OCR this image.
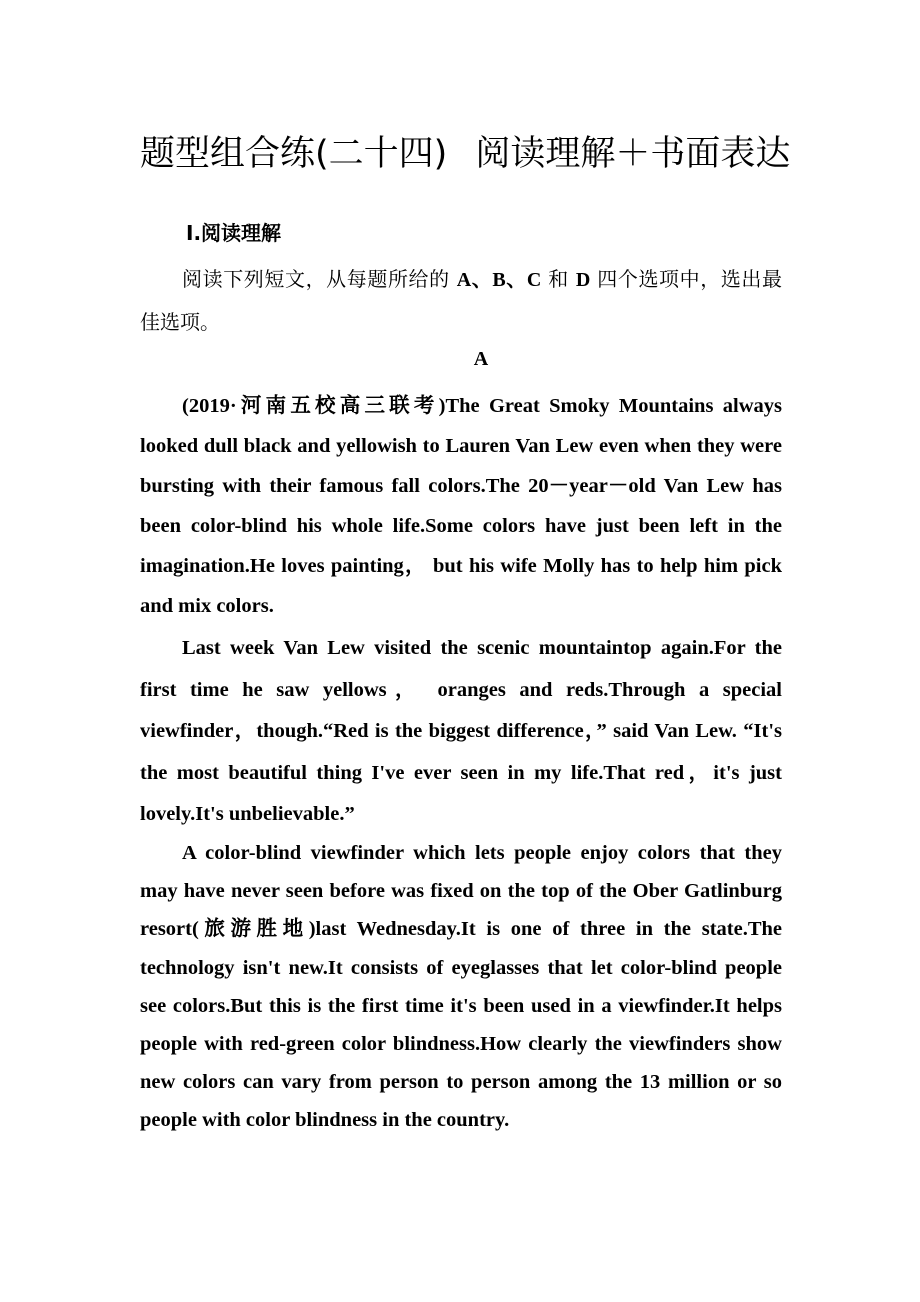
题型组合练(二十四) 阅读理解＋书面表达
Ⅰ.阅读理解
阅读下列短文，从每题所给的 A、B、C 和 D 四个选项中，选出最佳选项。
A

(2019·河南五校高三联考)The Great Smoky Mountains always looked dull black and yellowish to Lauren Van Lew even when they were bursting with their famous fall colors.The 20－year－old Van Lew has been color-blind his whole life.Some colors have just been left in the imagination.He loves painting， but his wife Molly has to help him pick and mix colors.

Last week Van Lew visited the scenic mountaintop again.For the first time he saw yellows， oranges and reds.Through a special viewfinder，though.“Red is the biggest difference，” said Van Lew. “It's the most beautiful thing I've ever seen in my life.That red，it's just lovely.It's unbelievable.”

A color-blind viewfinder which lets people enjoy colors that they may have never seen before was fixed on the top of the Ober Gatlinburg resort(旅游胜地)last Wednesday.It is one of three in the state.The technology isn't new.It consists of eyeglasses that let color-blind people see colors.But this is the first time it's been used in a viewfinder.It helps people with red-green color blindness.How clearly the viewfinders show new colors can vary from person to person among the 13 million or so people with color blindness in the country.
